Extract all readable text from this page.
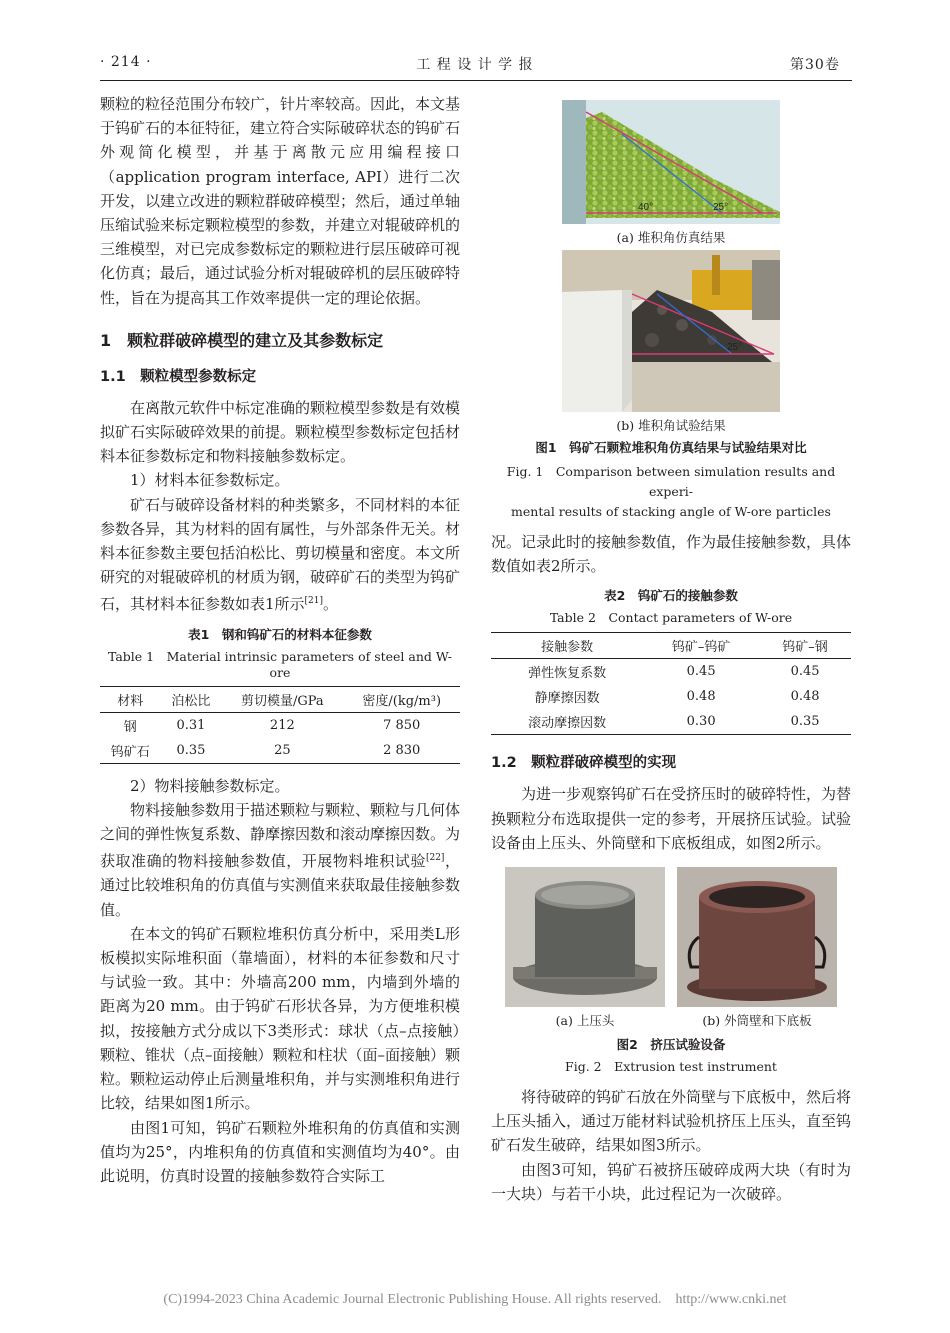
· 214 ·	工 程 设 计 学 报	第30卷

颗粒的粒径范围分布较广，针片率较高。因此，本文基于钨矿石的本征特征，建立符合实际破碎状态的钨矿石外观简化模型，并基于离散元应用编程接口（application program interface, API）进行二次开发，以建立改进的颗粒群破碎模型；然后，通过单轴压缩试验来标定颗粒模型的参数，并建立对辊破碎机的三维模型，对已完成参数标定的颗粒进行层压破碎可视化仿真；最后，通过试验分析对辊破碎机的层压破碎特性，旨在为提高其工作效率提供一定的理论依据。

1　颗粒群破碎模型的建立及其参数标定
1.1　颗粒模型参数标定

在离散元软件中标定准确的颗粒模型参数是有效模拟矿石实际破碎效果的前提。颗粒模型参数标定包括材料本征参数标定和物料接触参数标定。

1）材料本征参数标定。

矿石与破碎设备材料的种类繁多，不同材料的本征参数各异，其为材料的固有属性，与外部条件无关。材料本征参数主要包括泊松比、剪切模量和密度。本文所研究的对辊破碎机的材质为钢，破碎矿石的类型为钨矿石，其材料本征参数如表1所示[21]。

表1　钢和钨矿石的材料本征参数
Table 1　Material intrinsic parameters of steel and W-ore
材料	泊松比	剪切模量/GPa	密度/(kg/m³)
钢	0.31	212	7 850
钨矿石	0.35	25	2 830

2）物料接触参数标定。

物料接触参数用于描述颗粒与颗粒、颗粒与几何体之间的弹性恢复系数、静摩擦因数和滚动摩擦因数。为获取准确的物料接触参数值，开展物料堆积试验[22]，通过比较堆积角的仿真值与实测值来获取最佳接触参数值。

在本文的钨矿石颗粒堆积仿真分析中，采用类L形板模拟实际堆积面（靠墙面），材料的本征参数和尺寸与试验一致。其中：外墙高200 mm，内墙到外墙的距离为20 mm。由于钨矿石形状各异，为方便堆积模拟，按接触方式分成以下3类形式：球状（点–点接触）颗粒、锥状（点–面接触）颗粒和柱状（面–面接触）颗粒。颗粒运动停止后测量堆积角，并与实测堆积角进行比较，结果如图1所示。

由图1可知，钨矿石颗粒外堆积角的仿真值和实测值均为25°，内堆积角的仿真值和实测值均为40°。由此说明，仿真时设置的接触参数符合实际工

40°	25°
(a) 堆积角仿真结果
25°
(b) 堆积角试验结果
图1　钨矿石颗粒堆积角仿真结果与试验结果对比
Fig. 1　Comparison between simulation results and experi-
mental results of stacking angle of W-ore particles

况。记录此时的接触参数值，作为最佳接触参数，具体数值如表2所示。

表2　钨矿石的接触参数
Table 2　Contact parameters of W-ore
接触参数	钨矿–钨矿	钨矿–钢
弹性恢复系数	0.45	0.45
静摩擦因数	0.48	0.48
滚动摩擦因数	0.30	0.35
1.2　颗粒群破碎模型的实现

为进一步观察钨矿石在受挤压时的破碎特性，为替换颗粒分布选取提供一定的参考，开展挤压试验。试验设备由上压头、外筒壁和下底板组成，如图2所示。

(a) 上压头	(b) 外筒壁和下底板
图2　挤压试验设备
Fig. 2　Extrusion test instrument

将待破碎的钨矿石放在外筒壁与下底板中，然后将上压头插入，通过万能材料试验机挤压上压头，直至钨矿石发生破碎，结果如图3所示。

由图3可知，钨矿石被挤压破碎成两大块（有时为一大块）与若干小块，此过程记为一次破碎。

(C)1994-2023 China Academic Journal Electronic Publishing House. All rights reserved.　http://www.cnki.net
